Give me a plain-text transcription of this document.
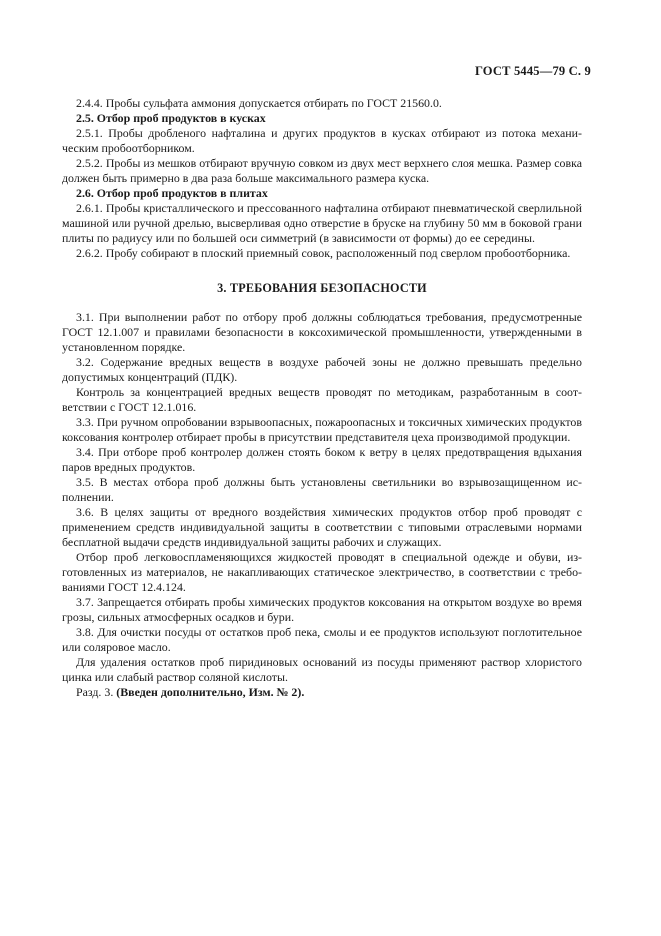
ГОСТ 5445—79 С. 9

2.4.4. Пробы сульфата аммония допускается отбирать по ГОСТ 21560.0.

2.5. Отбор проб продуктов в кусках

2.5.1. Пробы дробленого нафталина и других продуктов в кусках отбирают из потока механическим пробоотборником.

2.5.2. Пробы из мешков отбирают вручную совком из двух мест верхнего слоя мешка. Размер совка должен быть примерно в два раза больше максимального размера куска.

2.6. Отбор проб продуктов в плитах

2.6.1. Пробы кристаллического и прессованного нафталина отбирают пневматической сверлильной машиной или ручной дрелью, высверливая одно отверстие в бруске на глубину 50 мм в боковой грани плиты по радиусу или по большей оси симметрий (в зависимости от формы) до ее середины.

2.6.2. Пробу собирают в плоский приемный совок, расположенный под сверлом пробоотборника.

3. ТРЕБОВАНИЯ БЕЗОПАСНОСТИ

3.1. При выполнении работ по отбору проб должны соблюдаться требования, предусмотренные ГОСТ 12.1.007 и правилами безопасности в коксохимической промышленности, утвержденными в установленном порядке.

3.2. Содержание вредных веществ в воздухе рабочей зоны не должно превышать предельно допустимых концентраций (ПДК).

Контроль за концентрацией вредных веществ проводят по методикам, разработанным в соответствии с ГОСТ 12.1.016.

3.3. При ручном опробовании взрывоопасных, пожароопасных и токсичных химических продуктов коксования контролер отбирает пробы в присутствии представителя цеха производимой продукции.

3.4. При отборе проб контролер должен стоять боком к ветру в целях предотвращения вдыхания паров вредных продуктов.

3.5. В местах отбора проб должны быть установлены светильники во взрывозащищенном исполнении.

3.6. В целях защиты от вредного воздействия химических продуктов отбор проб проводят с применением средств индивидуальной защиты в соответствии с типовыми отраслевыми нормами бесплатной выдачи средств индивидуальной защиты рабочих и служащих.

Отбор проб легковоспламеняющихся жидкостей проводят в специальной одежде и обуви, изготовленных из материалов, не накапливающих статическое электричество, в соответствии с требованиями ГОСТ 12.4.124.

3.7. Запрещается отбирать пробы химических продуктов коксования на открытом воздухе во время грозы, сильных атмосферных осадков и бури.

3.8. Для очистки посуды от остатков проб пека, смолы и ее продуктов используют поглотительное или соляровое масло.

Для удаления остатков проб пиридиновых оснований из посуды применяют раствор хлористого цинка или слабый раствор соляной кислоты.

Разд. 3. (Введен дополнительно, Изм. № 2).
